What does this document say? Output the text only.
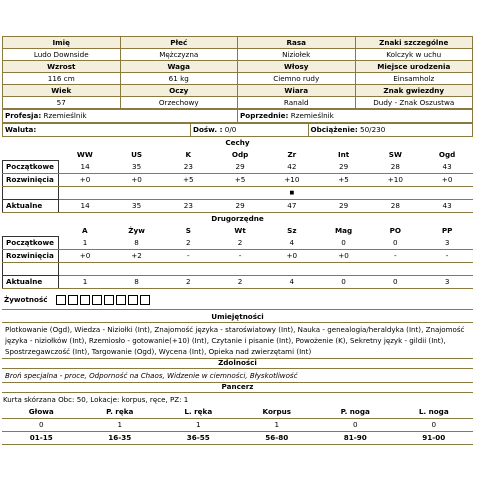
Imię	Płeć	Rasa	Znaki szczególne
Ludo Downside	Mężczyzna	Niziołek	Kolczyk w uchu
Wzrost	Waga	Włosy	Miejsce urodzenia
116 cm	61 kg	Ciemno rudy	Einsamholz
Wiek	Oczy	Wiara	Znak gwiezdny
57	Orzechowy	Ranald	Dudy - Znak Oszustwa
Profesja: Rzemieślnik	Poprzednie: Rzemieślnik
Waluta:	Dośw. : 0/0	Obciążenie: 50/230
Cechy
	WW	US	K	Odp	Zr	Int	SW	Ogd
Początkowe	14	35	23	29	42	29	28	43
Rozwinięcia	+0	+0	+5	+5	+10	+5	+10	+0
					■			
Aktualne	14	35	23	29	47	29	28	43
Drugorzędne
	A	Żyw	S	Wt	Sz	Mag	PO	PP
Początkowe	1	8	2	2	4	0	0	3
Rozwinięcia	+0	+2	-	-	+0	+0	-	-

Aktualne	1	8	2	2	4	0	0	3
Żywotność
Umiejętności
Plotkowanie (Ogd), Wiedza - Niziołki (Int), Znajomość języka - staroświatowy (Int), Nauka - genealogia/heraldyka (Int), Znajomość języka - niziołków (Int), Rzemiosło - gotowanie(+10) (Int), Czytanie i pisanie (Int), Powożenie (K), Sekretny język - gildii (Int), Spostrzegawczość (Int), Targowanie (Ogd), Wycena (Int), Opieka nad zwierzętami (Int)
Zdolności
Broń specjalna - proce, Odporność na Chaos, Widzenie w ciemności, Błyskotliwość
Pancerz
Kurta skórzana Obc: 50, Lokacje: korpus, ręce, PZ: 1
Głowa	P. ręka	L. ręka	Korpus	P. noga	L. noga
0	1	1	1	0	0
01-15	16-35	36-55	56-80	81-90	91-00
